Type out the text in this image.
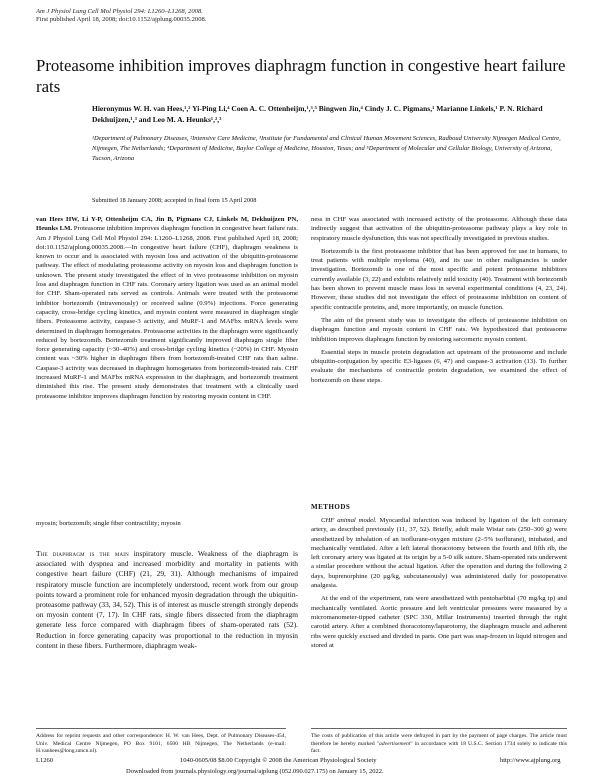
Am J Physiol Lung Cell Mol Physiol 294: L1260–L1268, 2008.
First published April 18, 2008; doi:10.1152/ajplung.00035.2008.
Proteasome inhibition improves diaphragm function in congestive heart failure rats
Hieronymus W. H. van Hees,¹,² Yi-Ping Li,⁴ Coen A. C. Ottenheijm,¹,³,⁵ Bingwen Jin,⁴ Cindy J. C. Pigmans,¹ Marianne Linkels,¹ P. N. Richard Dekhuijzen,¹,³ and Leo M. A. Heunks¹,²,³
¹Department of Pulmonary Diseases, ²Intensive Care Medicine, ³Institute for Fundamental and Clinical Human Movement Sciences, Radboud University Nijmegen Medical Centre, Nijmegen, The Netherlands; ⁴Department of Medicine, Baylor College of Medicine, Houston, Texas; and ⁵Department of Molecular and Cellular Biology, University of Arizona, Tucson, Arizona
Submitted 18 January 2008; accepted in final form 15 April 2008
van Hees HW, Li Y-P, Ottenheijm CA, Jin B, Pigmans CJ, Linkels M, Dekhuijzen PN, Heunks LM. Proteasome inhibition improves diaphragm function in congestive heart failure rats. Am J Physiol Lung Cell Mol Physiol 294: L1260–L1268, 2008. First published April 18, 2008; doi:10.1152/ajplung.00035.2008.—In congestive heart failure (CHF), diaphragm weakness is known to occur and is associated with myosin loss and activation of the ubiquitin-proteasome pathway. The effect of modulating proteasome activity on myosin loss and diaphragm function is unknown. The present study investigated the effect of in vivo proteasome inhibition on myosin loss and diaphragm function in CHF rats. Coronary artery ligation was used as an animal model for CHF. Sham-operated rats served as controls. Animals were treated with the proteasome inhibitor bortezomib (intravenously) or received saline (0.9%) injections. Force generating capacity, cross-bridge cycling kinetics, and myosin content were measured in diaphragm single fibers. Proteasome activity, caspase-3 activity, and MuRF-1 and MAFbx mRNA levels were determined in diaphragm homogenates. Proteasome activities in the diaphragm were significantly reduced by bortezomib. Bortezomib treatment significantly improved diaphragm single fiber force generating capacity (~30–40%) and cross-bridge cycling kinetics (~20%) in CHF. Myosin content was ~30% higher in diaphragm fibers from bortezomib-treated CHF rats than saline. Caspase-3 activity was decreased in diaphragm homogenates from bortezomib-treated rats. CHF increased MuRF-1 and MAFbx mRNA expression in the diaphragm, and bortezomib treatment diminished this rise. The present study demonstrates that treatment with a clinically used proteasome inhibitor improves diaphragm function by restoring myosin content in CHF.
myosin; bortezomib; single fiber contractility; myosin
The diaphragm is the main inspiratory muscle. Weakness of the diaphragm is associated with dyspnea and increased morbidity and mortality in patients with congestive heart failure (CHF) (21, 29, 31). Although mechanisms of impaired respiratory muscle function are incompletely understood, recent work from our group points toward a prominent role for enhanced myosin degradation through the ubiquitin-proteasome pathway (33, 34, 52). This is of interest as muscle strength strongly depends on myosin content (7, 17). In CHF rats, single fibers dissected from the diaphragm generate less force compared with diaphragm fibers of sham-operated rats (52). Reduction in force generating capacity was proportional to the reduction in myosin content in these fibers. Furthermore, diaphragm weak-

ness in CHF was associated with increased activity of the proteasome. Although these data indirectly suggest that activation of the ubiquitin-proteasome pathway plays a key role in respiratory muscle dysfunction, this was not specifically investigated in previous studies.

Bortezomib is the first proteasome inhibitor that has been approved for use in humans, to treat patients with multiple myeloma (40), and its use in other malignancies is under investigation. Bortezomib is one of the most specific and potent proteasome inhibitors currently available (3, 22) and exhibits relatively mild toxicity (40). Treatment with bortezomib has been shown to prevent muscle mass loss in several experimental conditions (4, 23, 24). However, these studies did not investigate the effect of proteasome inhibition on content of specific contractile proteins, and, more importantly, on muscle function.

The aim of the present study was to investigate the effects of proteasome inhibition on diaphragm function and myosin content in CHF rats. We hypothesized that proteasome inhibition improves diaphragm function by restoring sarcomeric myosin content.

Essential steps in muscle protein degradation act upstream of the proteasome and include ubiquitin-conjugation by specific E3-ligases (6, 47) and caspase-3 activation (13). To further evaluate the mechanisms of contractile protein degradation, we examined the effect of bortezomib on these steps.

METHODS

CHF animal model. Myocardial infarction was induced by ligation of the left coronary artery, as described previously (11, 37, 52). Briefly, adult male Wistar rats (250–300 g) were anesthetized by inhalation of an isoflurane-oxygen mixture (2–5% isoflurane), intubated, and mechanically ventilated. After a left lateral thoracotomy between the fourth and fifth rib, the left coronary artery was ligated at its origin by a 5-0 silk suture. Sham-operated rats underwent a similar procedure without the actual ligation. After the operation and during the following 2 days, buprenorphine (20 μg/kg, subcutaneously) was administered daily for postoperative analgesia.

At the end of the experiment, rats were anesthetized with pentobarbital (70 mg/kg ip) and mechanically ventilated. Aortic pressure and left ventricular pressures were measured by a micromanometer-tipped catheter (SPC 330, Millar Instruments) inserted through the right carotid artery. After a combined thoracotomy/laparotomy, the diaphragm muscle and adherent ribs were quickly excised and divided in parts. One part was snap-frozen in liquid nitrogen and stored at

Address for reprint requests and other correspondence: H. W. van Hees, Dept. of Pulmonary Diseases-454, Univ. Medical Centre Nijmegen, PO Box 9101, 6500 HB Nijmegen, The Netherlands (e-mail: H.vanhees@long.umcn.nl).
The costs of publication of this article were defrayed in part by the payment of page charges. The article must therefore be hereby marked "advertisement" in accordance with 18 U.S.C. Section 1734 solely to indicate this fact.
L1260	1040-0605/08 $8.00 Copyright © 2008 the American Physiological Society	http://www.ajplung.org
Downloaded from journals.physiology.org/journal/ajplung (052.090.027.175) on January 15, 2022.
